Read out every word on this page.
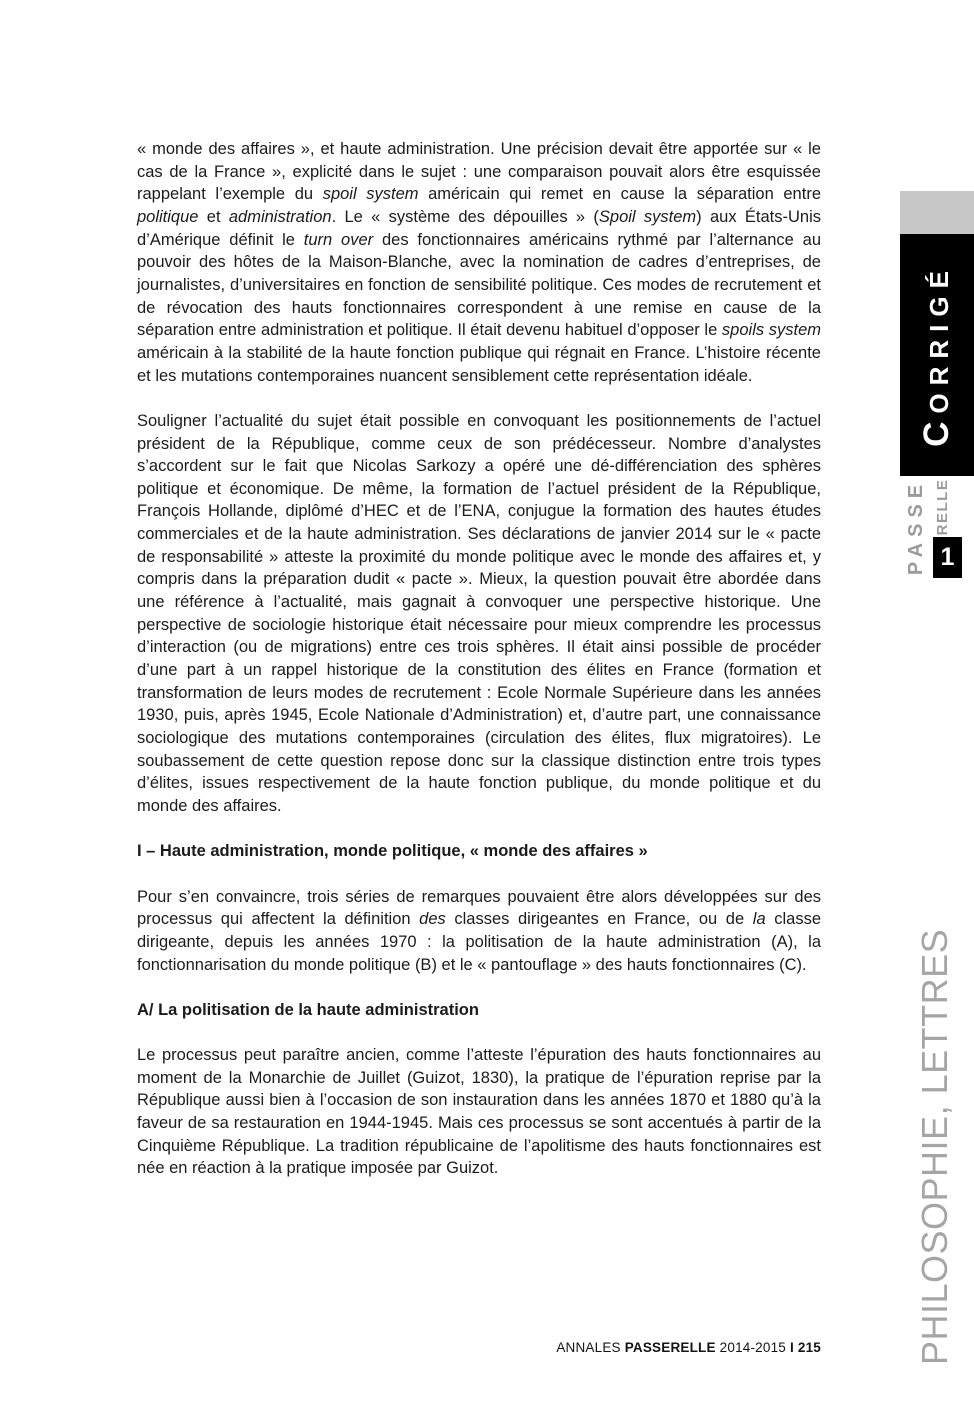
« monde des affaires », et haute administration. Une précision devait être apportée sur « le cas de la France », explicité dans le sujet : une comparaison pouvait alors être esquissée rappelant l’exemple du spoil system américain qui remet en cause la séparation entre politique et administration. Le « système des dépouilles » (Spoil system) aux États-Unis d’Amérique définit le turn over des fonctionnaires américains rythmé par l’alternance au pouvoir des hôtes de la Maison-Blanche, avec la nomination de cadres d’entreprises, de journalistes, d’universitaires en fonction de sensibilité politique. Ces modes de recrutement et de révocation des hauts fonctionnaires correspondent à une remise en cause de la séparation entre administration et politique. Il était devenu habituel d’opposer le spoils system américain à la stabilité de la haute fonction publique qui régnait en France. L’histoire récente et les mutations contemporaines nuancent sensiblement cette représentation idéale.

Souligner l’actualité du sujet était possible en convoquant les positionnements de l’actuel président de la République, comme ceux de son prédécesseur. Nombre d’analystes s’accordent sur le fait que Nicolas Sarkozy a opéré une dé-différenciation des sphères politique et économique. De même, la formation de l’actuel président de la République, François Hollande, diplômé d’HEC et de l’ENA, conjugue la formation des hautes études commerciales et de la haute administration. Ses déclarations de janvier 2014 sur le « pacte de responsabilité » atteste la proximité du monde politique avec le monde des affaires et, y compris dans la préparation dudit « pacte ». Mieux, la question pouvait être abordée dans une référence à l’actualité, mais gagnait à convoquer une perspective historique. Une perspective de sociologie historique était nécessaire pour mieux comprendre les processus d’interaction (ou de migrations) entre ces trois sphères. Il était ainsi possible de procéder d’une part à un rappel historique de la constitution des élites en France (formation et transformation de leurs modes de recrutement : Ecole Normale Supérieure dans les années 1930, puis, après 1945, Ecole Nationale d’Administration) et, d’autre part, une connaissance sociologique des mutations contemporaines (circulation des élites, flux migratoires). Le soubassement de cette question repose donc sur la classique distinction entre trois types d’élites, issues respectivement de la haute fonction publique, du monde politique et du monde des affaires.

I – Haute administration, monde politique, « monde des affaires »

Pour s’en convaincre, trois séries de remarques pouvaient être alors développées sur des processus qui affectent la définition des classes dirigeantes en France, ou de la classe dirigeante, depuis les années 1970 : la politisation de la haute administration (A), la fonctionnarisation du monde politique (B) et le « pantouflage » des hauts fonctionnaires (C).

A/ La politisation de la haute administration

Le processus peut paraître ancien, comme l’atteste l’épuration des hauts fonctionnaires au moment de la Monarchie de Juillet (Guizot, 1830), la pratique de l’épuration reprise par la République aussi bien à l’occasion de son instauration dans les années 1870 et 1880 qu’à la faveur de sa restauration en 1944-1945. Mais ces processus se sont accentués à partir de la Cinquième République. La tradition républicaine de l’apolitisme des hauts fonctionnaires est née en réaction à la pratique imposée par Guizot.

CORRIGÉ
PASSE RELLE
1
PHILOSOPHIE, LETTRES
ANNALES PASSERELLE 2014-2015 I 215
